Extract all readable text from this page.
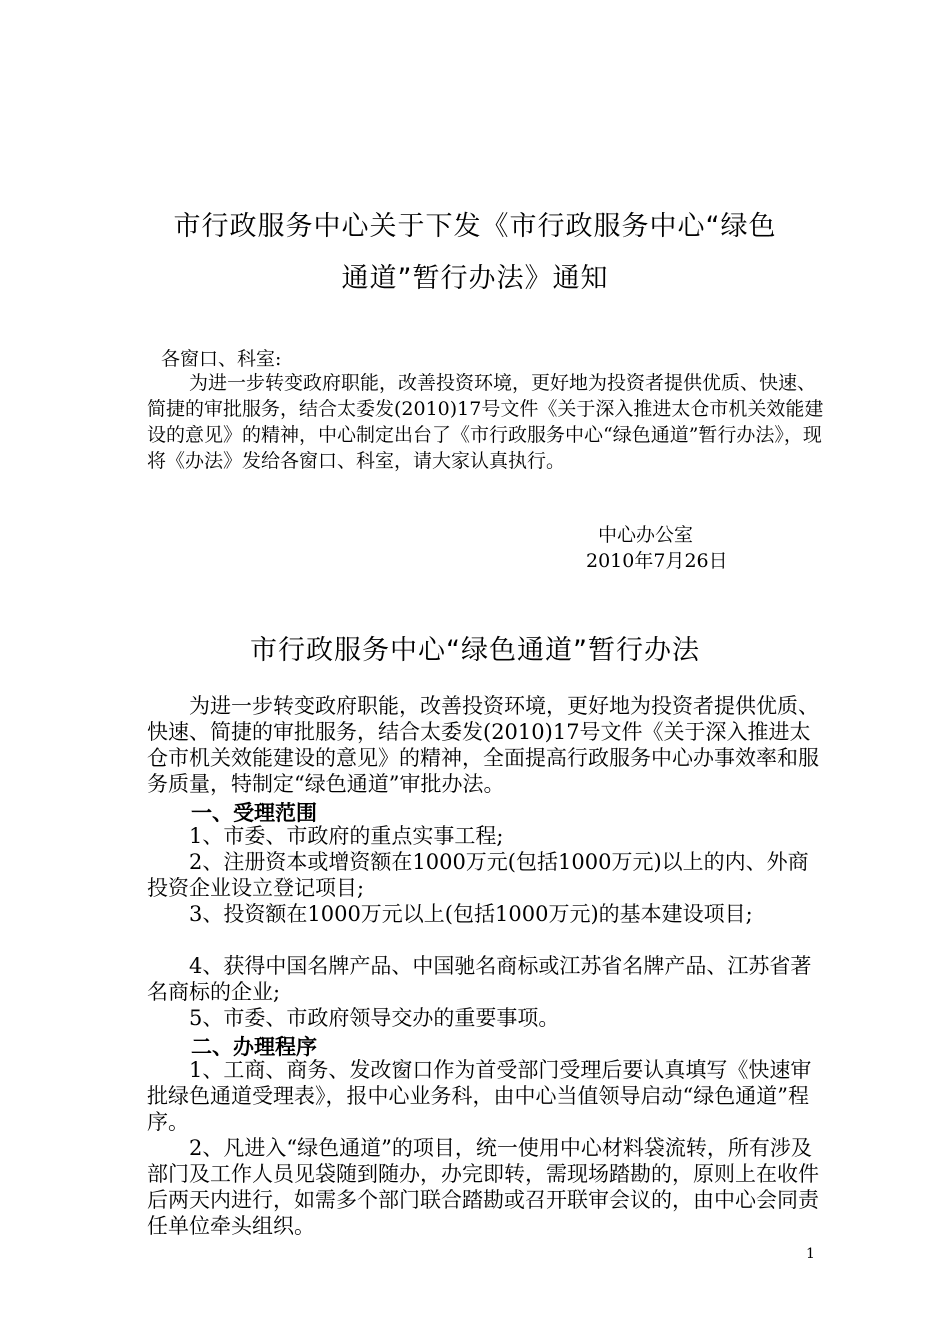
市行政服务中心关于下发《市行政服务中心“绿色
通道”暂行办法》通知
各窗口、科室:
为进一步转变政府职能，改善投资环境，更好地为投资者提供优质、快速、简捷的审批服务，结合太委发(2010)17号文件《关于深入推进太仓市机关效能建设的意见》的精神，中心制定出台了《市行政服务中心“绿色通道”暂行办法》，现将《办法》发给各窗口、科室，请大家认真执行。
中心办公室
2010年7月26日
市行政服务中心“绿色通道”暂行办法
为进一步转变政府职能，改善投资环境，更好地为投资者提供优质、快速、简捷的审批服务，结合太委发(2010)17号文件《关于深入推进太仓市机关效能建设的意见》的精神，全面提高行政服务中心办事效率和服务质量，特制定“绿色通道”审批办法。
一、受理范围
1、市委、市政府的重点实事工程;
2、注册资本或增资额在1000万元(包括1000万元)以上的内、外商投资企业设立登记项目;
3、投资额在1000万元以上(包括1000万元)的基本建设项目;
4、获得中国名牌产品、中国驰名商标或江苏省名牌产品、江苏省著名商标的企业;
5、市委、市政府领导交办的重要事项。
二、办理程序
1、工商、商务、发改窗口作为首受部门受理后要认真填写《快速审批绿色通道受理表》，报中心业务科，由中心当值领导启动“绿色通道”程序。
2、凡进入“绿色通道”的项目，统一使用中心材料袋流转，所有涉及部门及工作人员见袋随到随办，办完即转，需现场踏勘的，原则上在收件后两天内进行，如需多个部门联合踏勘或召开联审会议的，由中心会同责任单位牵头组织。
1
